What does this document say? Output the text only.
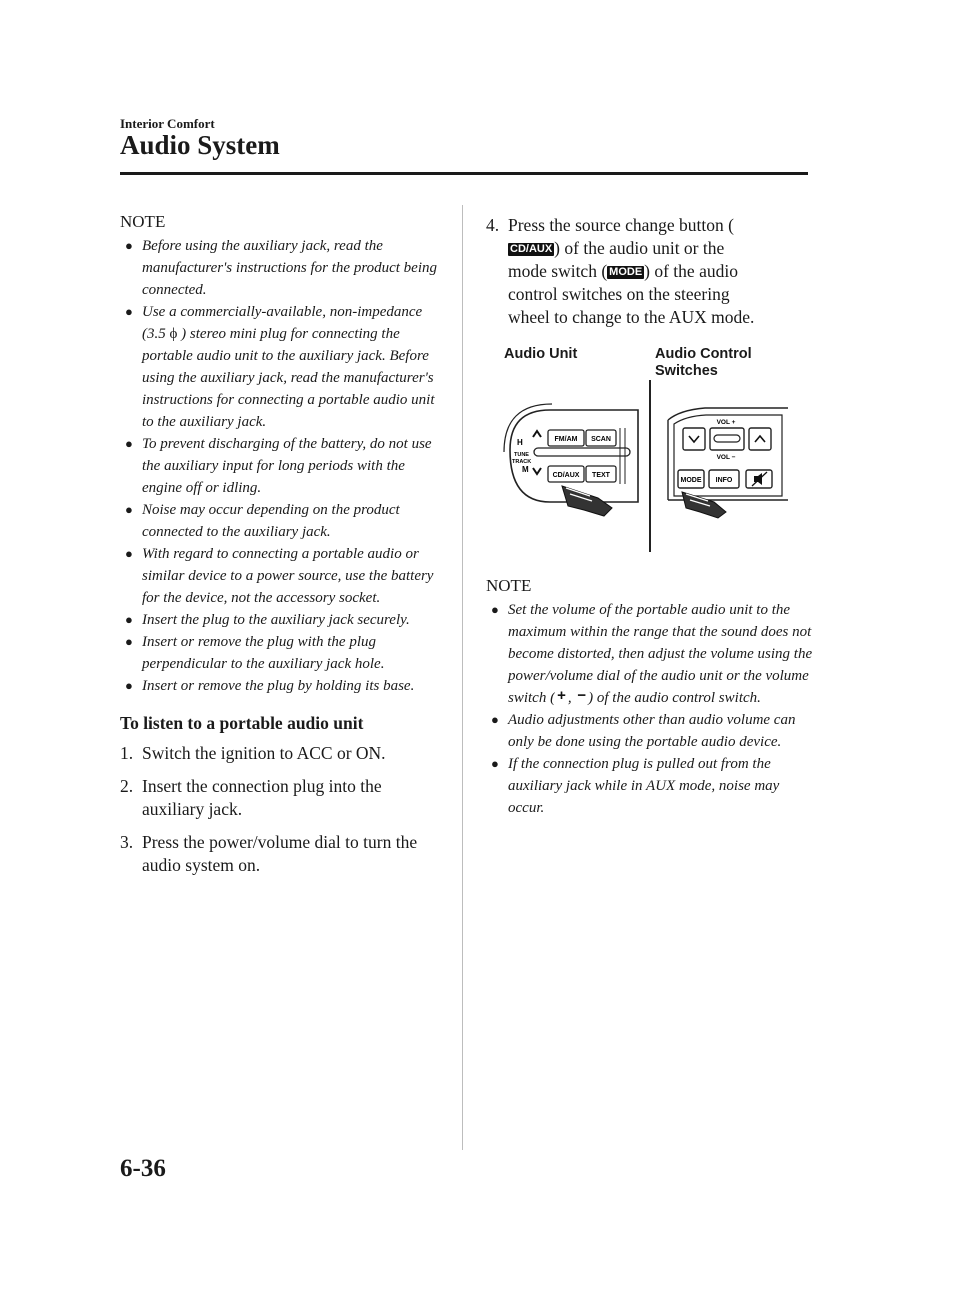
Interior Comfort
Audio System
NOTE
● Before using the auxiliary jack, read the manufacturer's instructions for the product being connected.
● Use a commercially-available, non-impedance (3.5 ϕ ) stereo mini plug for connecting the portable audio unit to the auxiliary jack. Before using the auxiliary jack, read the manufacturer's instructions for connecting a portable audio unit to the auxiliary jack.
● To prevent discharging of the battery, do not use the auxiliary input for long periods with the engine off or idling.
● Noise may occur depending on the product connected to the auxiliary jack.
● With regard to connecting a portable audio or similar device to a power source, use the battery for the device, not the accessory socket.
● Insert the plug to the auxiliary jack securely.
● Insert or remove the plug with the plug perpendicular to the auxiliary jack hole.
● Insert or remove the plug by holding its base.
To listen to a portable audio unit
1. Switch the ignition to ACC or ON.
2. Insert the connection plug into the auxiliary jack.
3. Press the power/volume dial to turn the audio system on.
4. Press the source change button (CD/AUX ) of the audio unit or the mode switch ( MODE ) of the audio control switches on the steering wheel to change to the AUX mode.
Audio Unit	Audio Control
Switches
H
TUNE
TRACK
M
FM/AM SCAN
CD/AUX TEXT
VOL +
VOL −
MODE INFO
NOTE
● Set the volume of the portable audio unit to the maximum within the range that the sound does not become distorted, then adjust the volume using the power/volume dial of the audio unit or the volume switch ( + , − ) of the audio control switch.
● Audio adjustments other than audio volume can only be done using the portable audio device.
● If the connection plug is pulled out from the auxiliary jack while in AUX mode, noise may occur.
6-36
